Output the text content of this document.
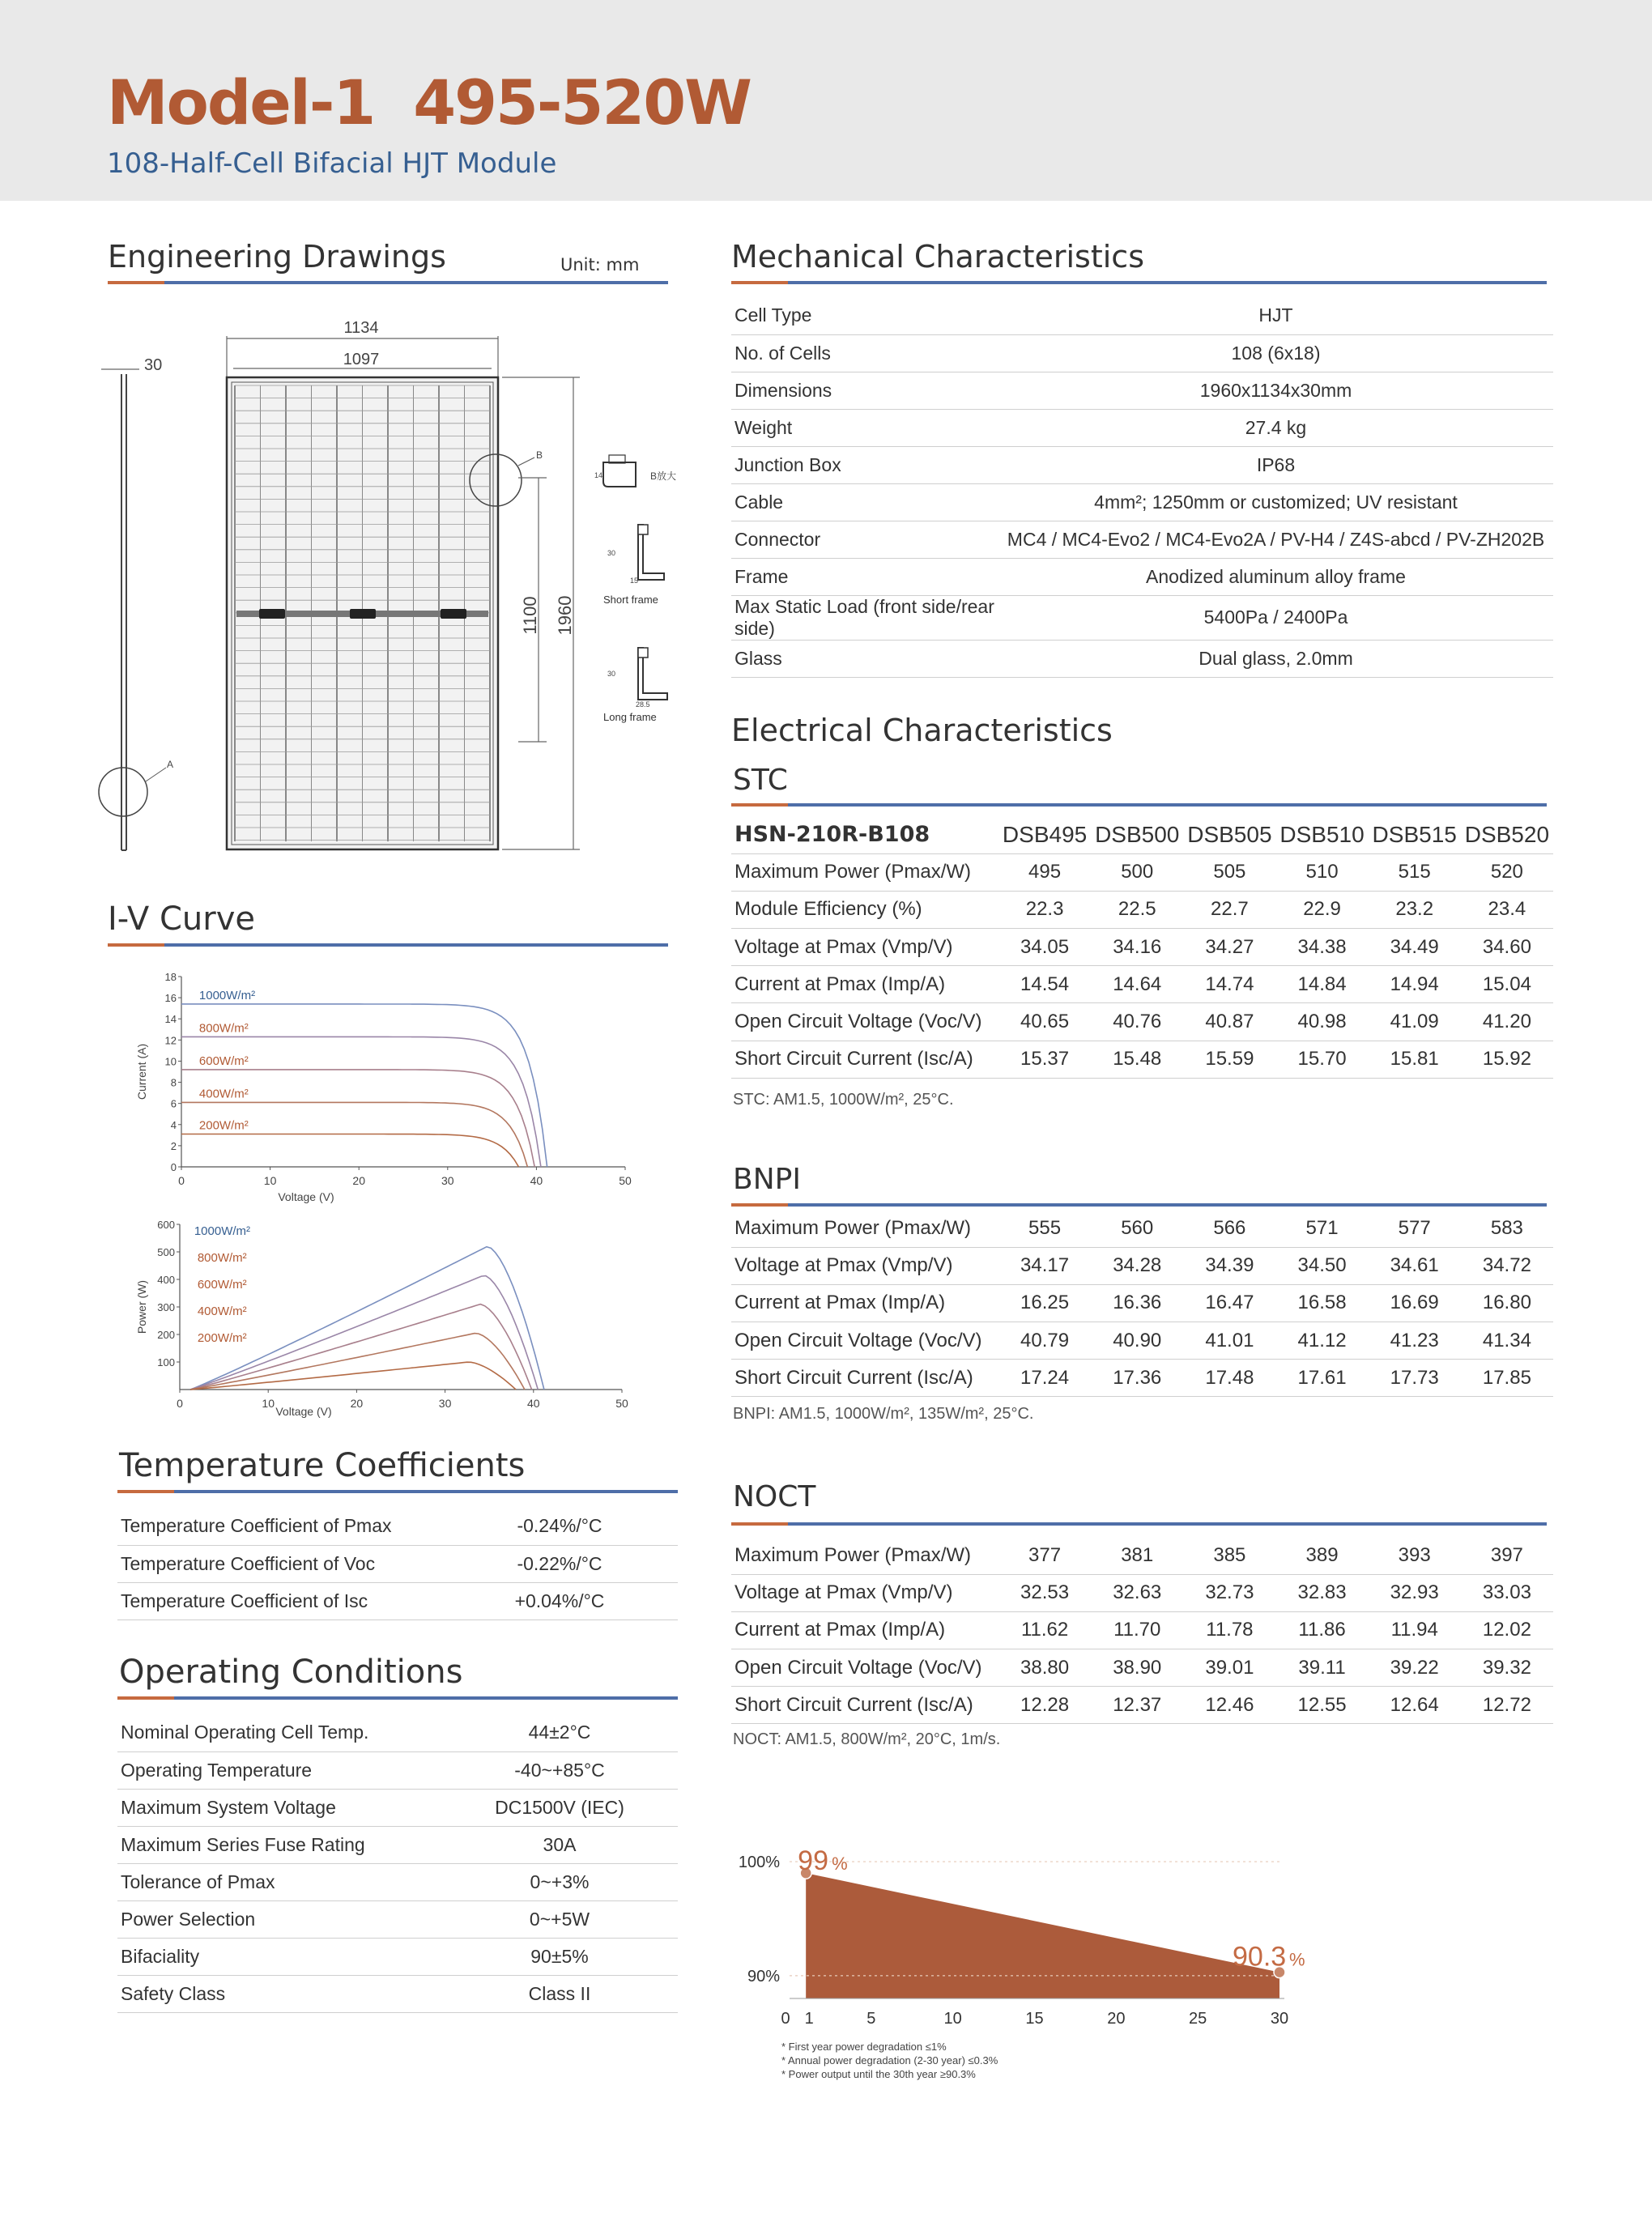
Model-1 495-520W
108-Half-Cell Bifacial HJT Module
Engineering Drawings	Unit: mm
30
A
1134
1097
B
1100 1960
14	B放大
30
15
Short frame
30
28.5
Long frame
I-V Curve
0
2
4
6
8
10
12
14
16
18
0	10	20	30	40	50
Voltage (V)
Current (A)
1000W/m²
800W/m²
600W/m²
400W/m²
200W/m²
100
200
300
400
500
600
0	10	20	30	40	50
Voltage (V)
Power (W)
1000W/m²
800W/m²
600W/m²
400W/m²
200W/m²
Temperature Coefficients
Temperature Coefficient of Pmax	-0.24%/°C
Temperature Coefficient of Voc	-0.22%/°C
Temperature Coefficient of Isc	+0.04%/°C
Operating Conditions
Nominal Operating Cell Temp.	44±2°C
Operating Temperature	-40~+85°C
Maximum System Voltage	DC1500V (IEC)
Maximum Series Fuse Rating	30A
Tolerance of Pmax	0~+3%
Power Selection	0~+5W
Bifaciality	90±5%
Safety Class	Class II
Mechanical Characteristics
Cell Type	HJT
No. of Cells	108 (6x18)
Dimensions	1960x1134x30mm
Weight	27.4 kg
Junction Box	IP68
Cable	4mm²; 1250mm or customized; UV resistant
Connector	MC4 / MC4-Evo2 / MC4-Evo2A / PV-H4 / Z4S-abcd / PV-ZH202B
Frame	Anodized aluminum alloy frame
Max Static Load (front side/rear side)	5400Pa / 2400Pa
Glass	Dual glass, 2.0mm
Electrical Characteristics
STC
HSN-210R-B108	DSB495	DSB500	DSB505	DSB510	DSB515	DSB520
Maximum Power (Pmax/W)	495	500	505	510	515	520
Module Efficiency (%)	22.3	22.5	22.7	22.9	23.2	23.4
Voltage at Pmax (Vmp/V)	34.05	34.16	34.27	34.38	34.49	34.60
Current at Pmax (Imp/A)	14.54	14.64	14.74	14.84	14.94	15.04
Open Circuit Voltage (Voc/V)	40.65	40.76	40.87	40.98	41.09	41.20
Short Circuit Current (Isc/A)	15.37	15.48	15.59	15.70	15.81	15.92
STC: AM1.5, 1000W/m², 25°C.
BNPI
Maximum Power (Pmax/W)	555	560	566	571	577	583
Voltage at Pmax (Vmp/V)	34.17	34.28	34.39	34.50	34.61	34.72
Current at Pmax (Imp/A)	16.25	16.36	16.47	16.58	16.69	16.80
Open Circuit Voltage (Voc/V)	40.79	40.90	41.01	41.12	41.23	41.34
Short Circuit Current (Isc/A)	17.24	17.36	17.48	17.61	17.73	17.85
BNPI: AM1.5, 1000W/m², 135W/m², 25°C.
NOCT
Maximum Power (Pmax/W)	377	381	385	389	393	397
Voltage at Pmax (Vmp/V)	32.53	32.63	32.73	32.83	32.93	33.03
Current at Pmax (Imp/A)	11.62	11.70	11.78	11.86	11.94	12.02
Open Circuit Voltage (Voc/V)	38.80	38.90	39.01	39.11	39.22	39.32
Short Circuit Current (Isc/A)	12.28	12.37	12.46	12.55	12.64	12.72
NOCT: AM1.5, 800W/m², 20°C, 1m/s.
90%
100%
0 1	5	10	15	20	25	30
99 %
90.3 %
* First year power degradation ≤1%
* Annual power degradation (2-30 year) ≤0.3%
* Power output until the 30th year ≥90.3%
